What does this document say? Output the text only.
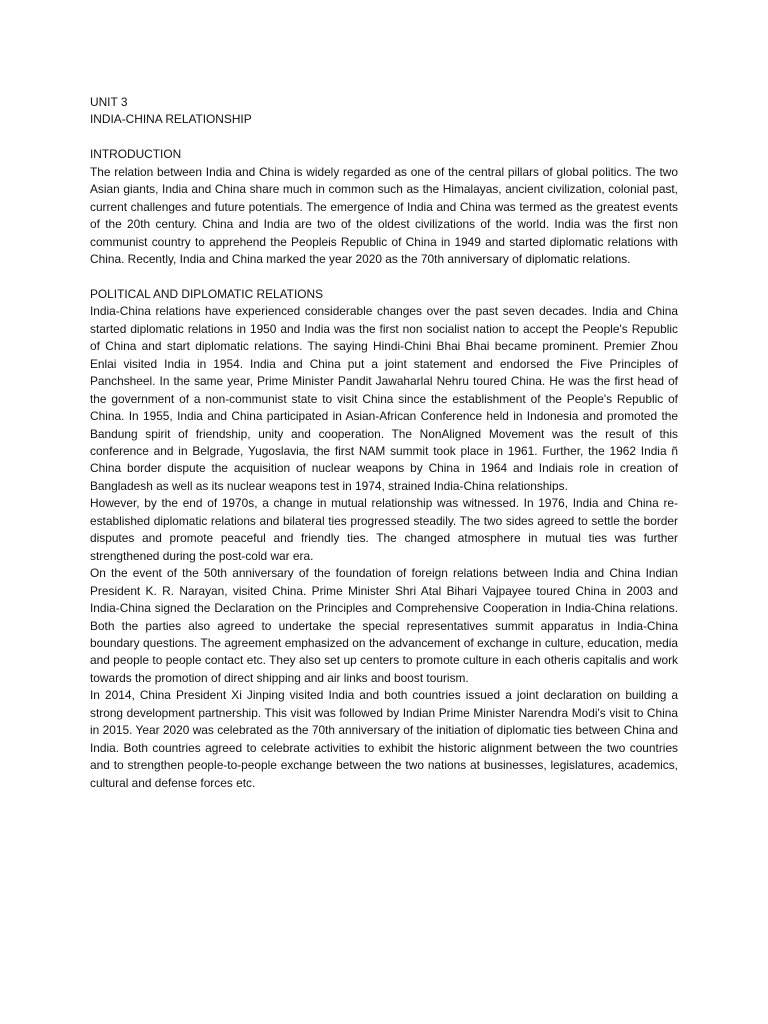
UNIT 3

INDIA-CHINA RELATIONSHIP

INTRODUCTION

The relation between India and China is widely regarded as one of the central pillars of global politics. The two Asian giants, India and China share much in common such as the Himalayas, ancient civilization, colonial past, current challenges and future potentials. The emergence of India and China was termed as the greatest events of the 20th century. China and India are two of the oldest civilizations of the world. India was the first non communist country to apprehend the Peopleis Republic of China in 1949 and started diplomatic relations with China. Recently, India and China marked the year 2020 as the 70th anniversary of diplomatic relations.

POLITICAL AND DIPLOMATIC RELATIONS

India-China relations have experienced considerable changes over the past seven decades. India and China started diplomatic relations in 1950 and India was the first non socialist nation to accept the People's Republic of China and start diplomatic relations. The saying Hindi-Chini Bhai Bhai became prominent. Premier Zhou Enlai visited India in 1954. India and China put a joint statement and endorsed the Five Principles of Panchsheel. In the same year, Prime Minister Pandit Jawaharlal Nehru toured China. He was the first head of the government of a non-communist state to visit China since the establishment of the People's Republic of China. In 1955, India and China participated in Asian-African Conference held in Indonesia and promoted the Bandung spirit of friendship, unity and cooperation. The NonAligned Movement was the result of this conference and in Belgrade, Yugoslavia, the first NAM summit took place in 1961. Further, the 1962 India ñ China border dispute the acquisition of nuclear weapons by China in 1964 and Indiais role in creation of Bangladesh as well as its nuclear weapons test in 1974, strained India-China relationships.

However, by the end of 1970s, a change in mutual relationship was witnessed. In 1976, India and China re-established diplomatic relations and bilateral ties progressed steadily. The two sides agreed to settle the border disputes and promote peaceful and friendly ties. The changed atmosphere in mutual ties was further strengthened during the post-cold war era.

On the event of the 50th anniversary of the foundation of foreign relations between India and China Indian President K. R. Narayan, visited China. Prime Minister Shri Atal Bihari Vajpayee toured China in 2003 and India-China signed the Declaration on the Principles and Comprehensive Cooperation in India-China relations. Both the parties also agreed to undertake the special representatives summit apparatus in India-China boundary questions. The agreement emphasized on the advancement of exchange in culture, education, media and people to people contact etc. They also set up centers to promote culture in each otheris capitalis and work towards the promotion of direct shipping and air links and boost tourism.

In 2014, China President Xi Jinping visited India and both countries issued a joint declaration on building a strong development partnership. This visit was followed by Indian Prime Minister Narendra Modi's visit to China in 2015. Year 2020 was celebrated as the 70th anniversary of the initiation of diplomatic ties between China and India. Both countries agreed to celebrate activities to exhibit the historic alignment between the two countries and to strengthen people-to-people exchange between the two nations at businesses, legislatures, academics, cultural and defense forces etc.
